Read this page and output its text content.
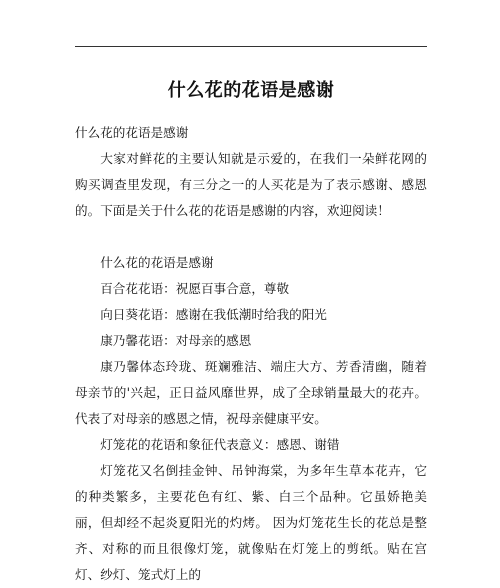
什么花的花语是感谢

什么花的花语是感谢

大家对鲜花的主要认知就是示爱的，在我们一朵鲜花网的购买调查里发现，有三分之一的人买花是为了表示感谢、感恩的。下面是关于什么花的花语是感谢的内容，欢迎阅读！

什么花的花语是感谢

百合花花语：祝愿百事合意，尊敬

向日葵花语：感谢在我低潮时给我的阳光

康乃馨花语：对母亲的感恩

康乃馨体态玲珑、斑斓雅洁、端庄大方、芳香清幽，随着母亲节的'兴起，正日益风靡世界，成了全球销量最大的花卉。代表了对母亲的感恩之情，祝母亲健康平安。

灯笼花的花语和象征代表意义：感恩、谢错

灯笼花又名倒挂金钟、吊钟海棠，为多年生草本花卉，它的种类繁多，主要花色有红、紫、白三个品种。它虽娇艳美丽，但却经不起炎夏阳光的灼烤。 因为灯笼花生长的花总是整齐、对称的而且很像灯笼，就像贴在灯笼上的剪纸。贴在宫灯、纱灯、笼式灯上的
